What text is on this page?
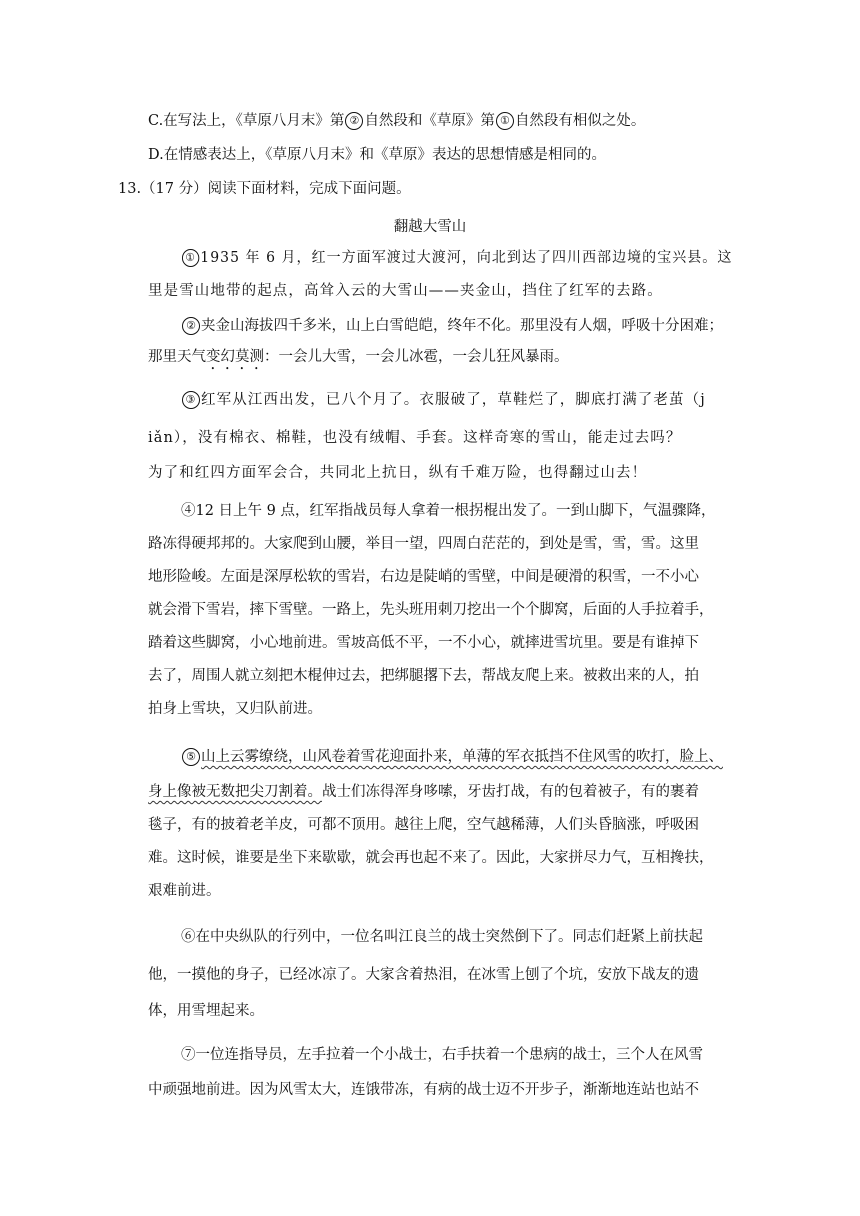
C.在写法上，《草原八月末》第 ② 自然段和《草原》第 ① 自然段有相似之处。
D.在情感表达上，《草原八月末》和《草原》表达的思想情感是相同的。
13.（17 分）阅读下面材料，完成下面问题。
翻越大雪山
① 1935 年 6 月，红一方面军渡过大渡河，向北到达了四川西部边境的宝兴县。这
里是雪山地带的起点，高耸入云的大雪山——夹金山，挡住了红军的去路。
② 夹金山海拔四千多米，山上白雪皑皑，终年不化。那里没有人烟，呼吸十分困难；
那里天气变幻莫测：一会儿大雪，一会儿冰雹，一会儿狂风暴雨。
③ 红军从江西出发，已八个月了。衣服破了，草鞋烂了，脚底打满了老茧（j
iǎn），没有棉衣、棉鞋，也没有绒帽、手套。这样奇寒的雪山，能走过去吗？
为了和红四方面军会合，共同北上抗日，纵有千难万险，也得翻过山去！
④12 日上午 9 点，红军指战员每人拿着一根拐棍出发了。一到山脚下，气温骤降，
路冻得硬邦邦的。大家爬到山腰，举目一望，四周白茫茫的，到处是雪，雪，雪。这里
地形险峻。左面是深厚松软的雪岩，右边是陡峭的雪壁，中间是硬滑的积雪，一不小心
就会滑下雪岩，摔下雪壁。一路上，先头班用刺刀挖出一个个脚窝，后面的人手拉着手，
踏着这些脚窝，小心地前进。雪坡高低不平，一不小心，就摔进雪坑里。要是有谁掉下
去了，周围人就立刻把木棍伸过去，把绑腿撂下去，帮战友爬上来。被救出来的人，拍
拍身上雪块，又归队前进。
⑤ 山上云雾缭绕，山风卷着雪花迎面扑来，单薄的军衣抵挡不住风雪的吹打，脸上、
身上像被无数把尖刀割着。战士们冻得浑身哆嗦，牙齿打战，有的包着被子，有的裹着
毯子，有的披着老羊皮，可都不顶用。越往上爬，空气越稀薄，人们头昏脑涨，呼吸困
难。这时候，谁要是坐下来歇歇，就会再也起不来了。因此，大家拼尽力气，互相搀扶，
艰难前进。
⑥在中央纵队的行列中，一位名叫江良兰的战士突然倒下了。同志们赶紧上前扶起
他，一摸他的身子，已经冰凉了。大家含着热泪，在冰雪上刨了个坑，安放下战友的遗
体，用雪埋起来。
⑦一位连指导员，左手拉着一个小战士，右手扶着一个患病的战士，三个人在风雪
中顽强地前进。因为风雪太大，连饿带冻，有病的战士迈不开步子，渐渐地连站也站不
